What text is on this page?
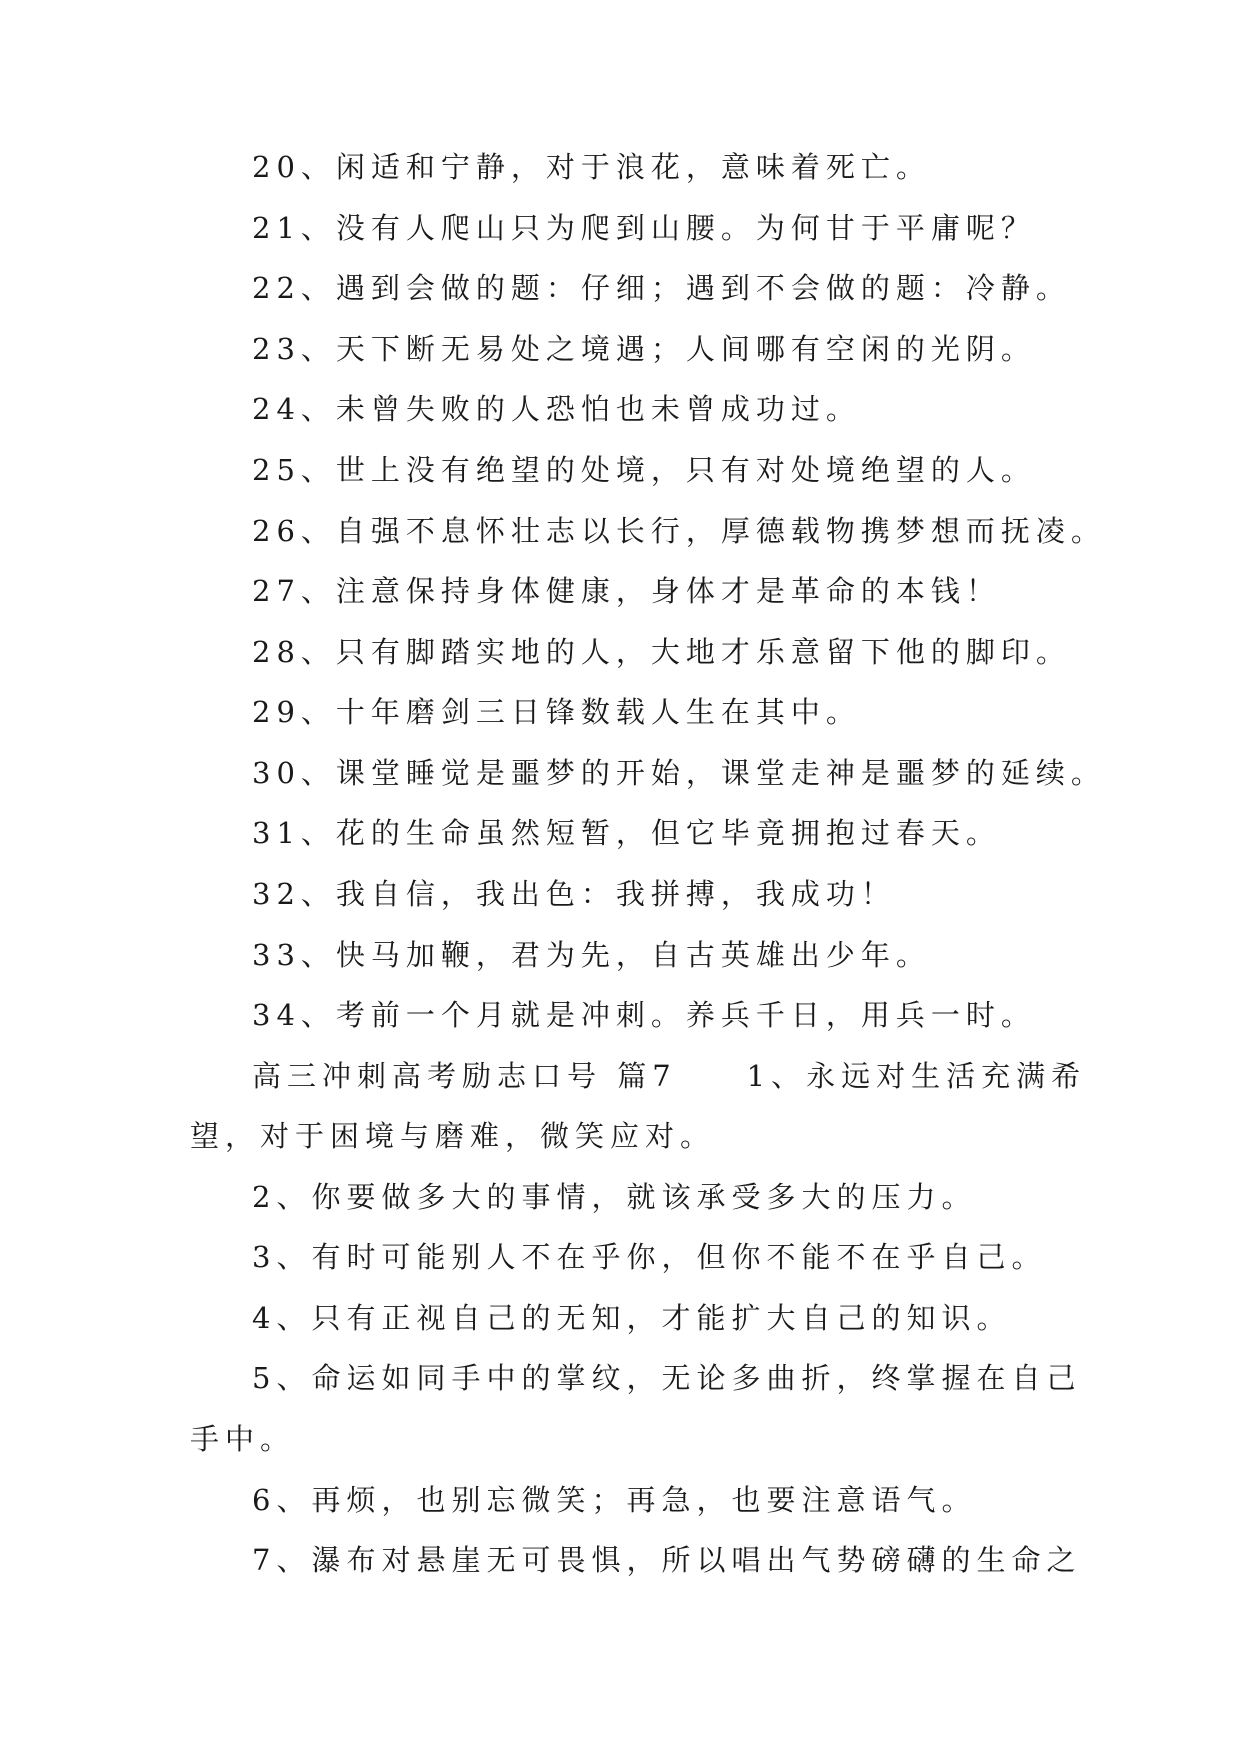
20、闲适和宁静，对于浪花，意味着死亡。

21、没有人爬山只为爬到山腰。为何甘于平庸呢？

22、遇到会做的题：仔细；遇到不会做的题：冷静。

23、天下断无易处之境遇；人间哪有空闲的光阴。

24、未曾失败的人恐怕也未曾成功过。

25、世上没有绝望的处境，只有对处境绝望的人。

26、自强不息怀壮志以长行，厚德载物携梦想而抚凌。

27、注意保持身体健康，身体才是革命的本钱！

28、只有脚踏实地的人，大地才乐意留下他的脚印。

29、十年磨剑三日锋数载人生在其中。

30、课堂睡觉是噩梦的开始，课堂走神是噩梦的延续。

31、花的生命虽然短暂，但它毕竟拥抱过春天。

32、我自信，我出色：我拼搏，我成功！

33、快马加鞭，君为先，自古英雄出少年。

34、考前一个月就是冲刺。养兵千日，用兵一时。

高三冲刺高考励志口号 篇7　　1、永远对生活充满希

望，对于困境与磨难，微笑应对。

2、你要做多大的事情，就该承受多大的压力。

3、有时可能别人不在乎你，但你不能不在乎自己。

4、只有正视自己的无知，才能扩大自己的知识。

5、命运如同手中的掌纹，无论多曲折，终掌握在自己

手中。

6、再烦，也别忘微笑；再急，也要注意语气。

7、瀑布对悬崖无可畏惧，所以唱出气势磅礴的生命之
